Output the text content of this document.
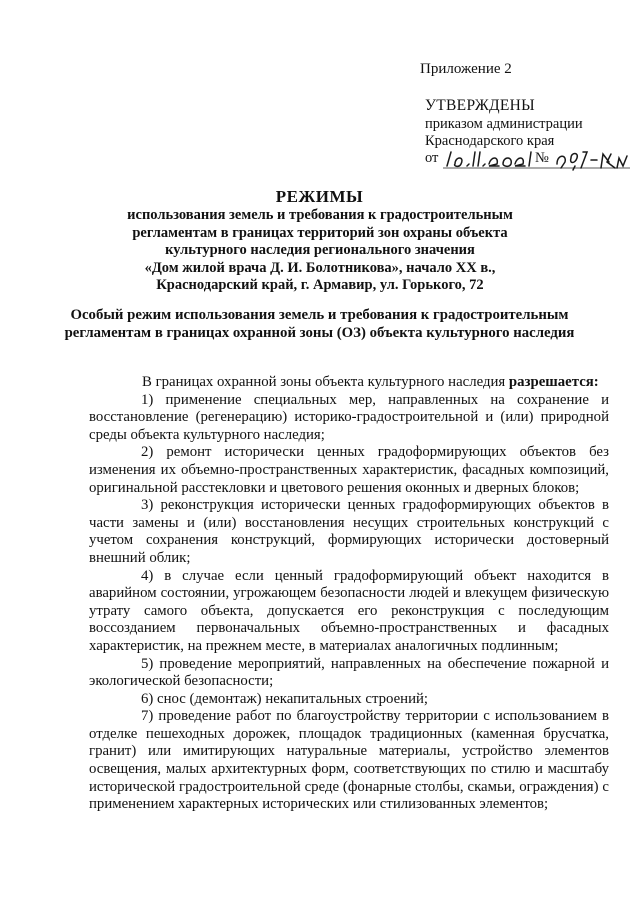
Приложение 2
УТВЕРЖДЕНЫ
приказом администрации
Краснодарского края
от	№
РЕЖИМЫ
использования земель и требования к градостроительным
регламентам в границах территорий зон охраны объекта
культурного наследия регионального значения
«Дом жилой врача Д. И. Болотникова», начало XX в.,
Краснодарский край, г. Армавир, ул. Горького, 72
Особый режим использования земель и требования к градостроительным регламентам в границах охранной зоны (ОЗ) объекта культурного наследия

В границах охранной зоны объекта культурного наследия разрешается:

1) применение специальных мер, направленных на сохранение и восстановление (регенерацию) историко-градостроительной и (или) природной среды объекта культурного наследия;

2) ремонт исторически ценных градоформирующих объектов без изменения их объемно-пространственных характеристик, фасадных композиций, оригинальной расстекловки и цветового решения оконных и дверных блоков;

3) реконструкция исторически ценных градоформирующих объектов в части замены и (или) восстановления несущих строительных конструкций с учетом сохранения конструкций, формирующих исторически достоверный внешний облик;

4) в случае если ценный градоформирующий объект находится в аварийном состоянии, угрожающем безопасности людей и влекущем физическую утрату самого объекта, допускается его реконструкция с последующим воссозданием первоначальных объемно-пространственных и фасадных характеристик, на прежнем месте, в материалах аналогичных подлинным;

5) проведение мероприятий, направленных на обеспечение пожарной и экологической безопасности;

6) снос (демонтаж) некапитальных строений;

7) проведение работ по благоустройству территории с использованием в отделке пешеходных дорожек, площадок традиционных (каменная брусчатка, гранит) или имитирующих натуральные материалы, устройство элементов освещения, малых архитектурных форм, соответствующих по стилю и масштабу исторической градостроительной среде (фонарные столбы, скамьи, ограждения) с применением характерных исторических или стилизованных элементов;
